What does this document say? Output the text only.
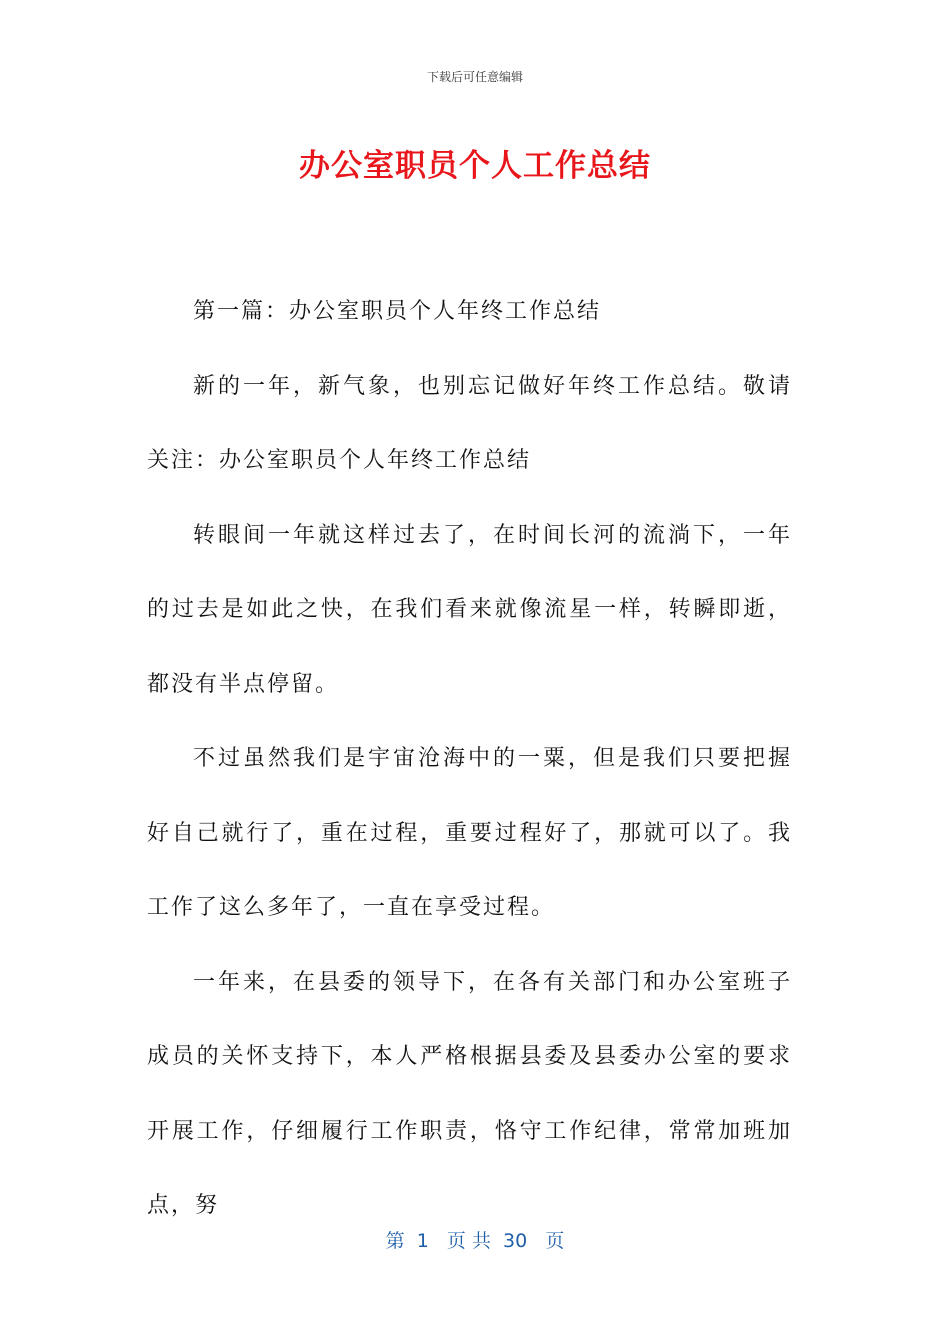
下载后可任意编辑
办公室职员个人工作总结

第一篇：办公室职员个人年终工作总结

新的一年，新气象，也别忘记做好年终工作总结。敬请关注：办公室职员个人年终工作总结

转眼间一年就这样过去了，在时间长河的流淌下，一年的过去是如此之快，在我们看来就像流星一样，转瞬即逝，都没有半点停留。

不过虽然我们是宇宙沧海中的一粟，但是我们只要把握好自己就行了，重在过程，重要过程好了，那就可以了。我工作了这么多年了，一直在享受过程。

一年来，在县委的领导下，在各有关部门和办公室班子成员的关怀支持下，本人严格根据县委及县委办公室的要求开展工作，仔细履行工作职责，恪守工作纪律，常常加班加点，努

第  1   页 共  30   页
